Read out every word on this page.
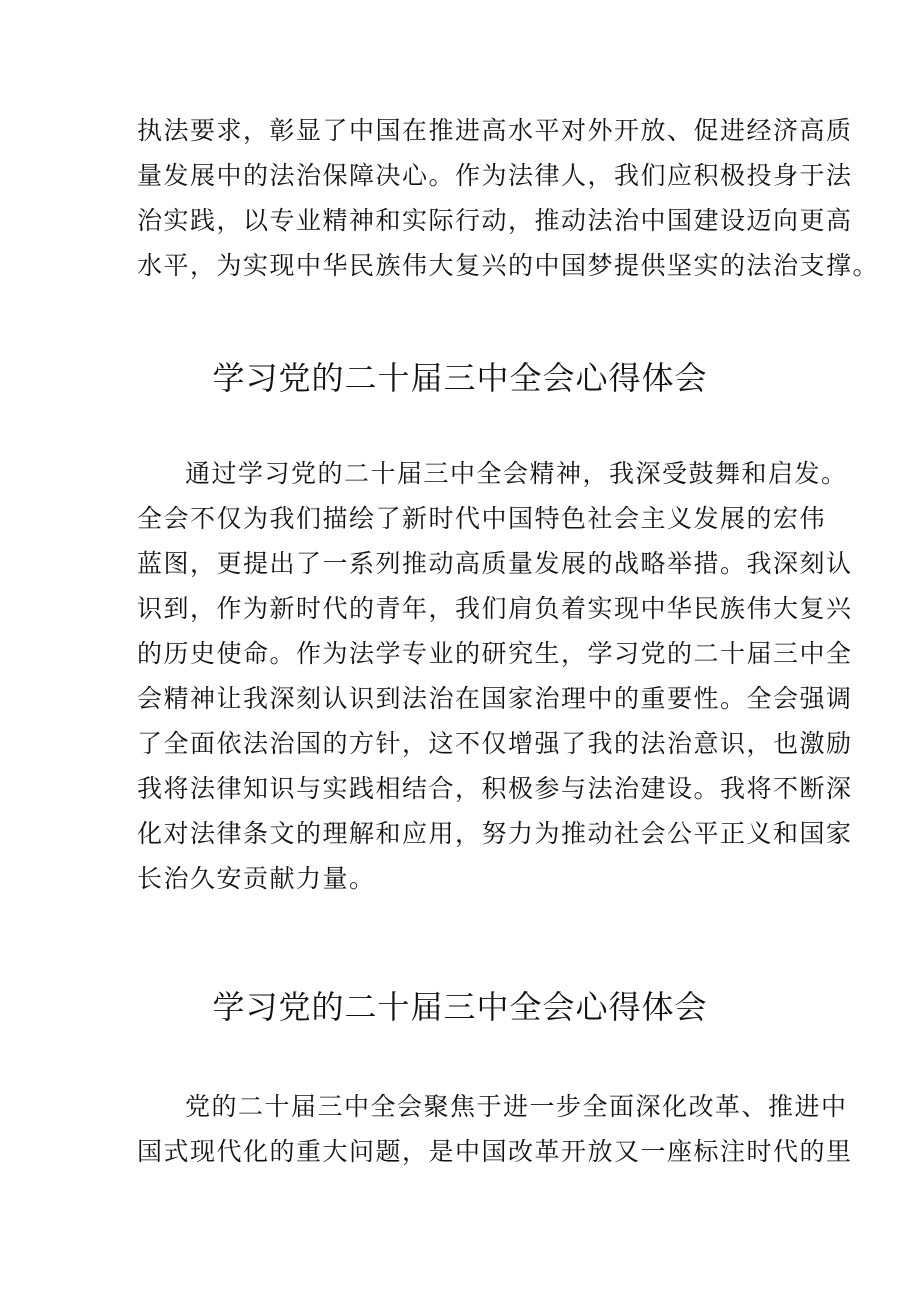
执法要求，彰显了中国在推进高水平对外开放、促进经济高质
量发展中的法治保障决心。作为法律人，我们应积极投身于法
治实践，以专业精神和实际行动，推动法治中国建设迈向更高
水平，为实现中华民族伟大复兴的中国梦提供坚实的法治支撑。
学习党的二十届三中全会心得体会
通过学习党的二十届三中全会精神，我深受鼓舞和启发。
全会不仅为我们描绘了新时代中国特色社会主义发展的宏伟
蓝图，更提出了一系列推动高质量发展的战略举措。我深刻认
识到，作为新时代的青年，我们肩负着实现中华民族伟大复兴
的历史使命。作为法学专业的研究生，学习党的二十届三中全
会精神让我深刻认识到法治在国家治理中的重要性。全会强调
了全面依法治国的方针，这不仅增强了我的法治意识，也激励
我将法律知识与实践相结合，积极参与法治建设。我将不断深
化对法律条文的理解和应用，努力为推动社会公平正义和国家
长治久安贡献力量。
学习党的二十届三中全会心得体会
党的二十届三中全会聚焦于进一步全面深化改革、推进中
国式现代化的重大问题，是中国改革开放又一座标注时代的里
